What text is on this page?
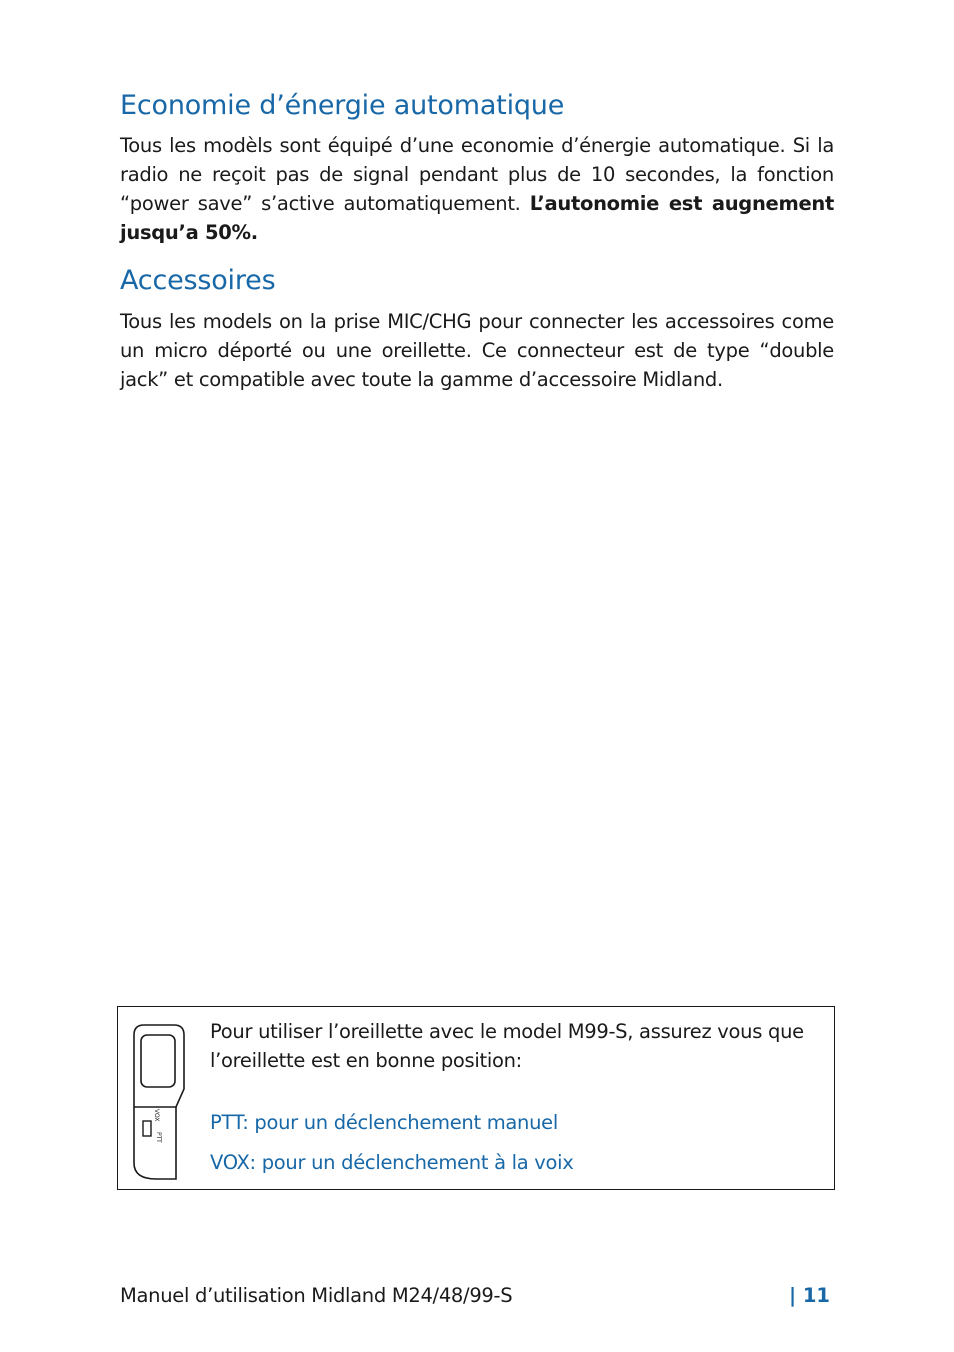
Economie d’énergie automatique

Tous les modèls sont équipé d’une economie d’énergie automatique. Si la radio ne reçoit pas de signal pendant plus de 10 secondes, la fonction “power save” s’active automatiquement. L’autonomie est augnement jusqu’a 50%.

Accessoires

Tous les models on la prise MIC/CHG pour connecter les accessoires come un micro déporté ou une oreillette. Ce connecteur est de type “double jack” et compatible avec toute la gamme d’accessoire Midland.

VOX
PTT

Pour utiliser l’oreillette avec le model M99-S, assurez vous que l’oreillette est en bonne position:

PTT: pour un déclenchement manuel

VOX: pour un déclenchement à la voix

Manuel d’utilisation Midland M24/48/99-S	| 11
